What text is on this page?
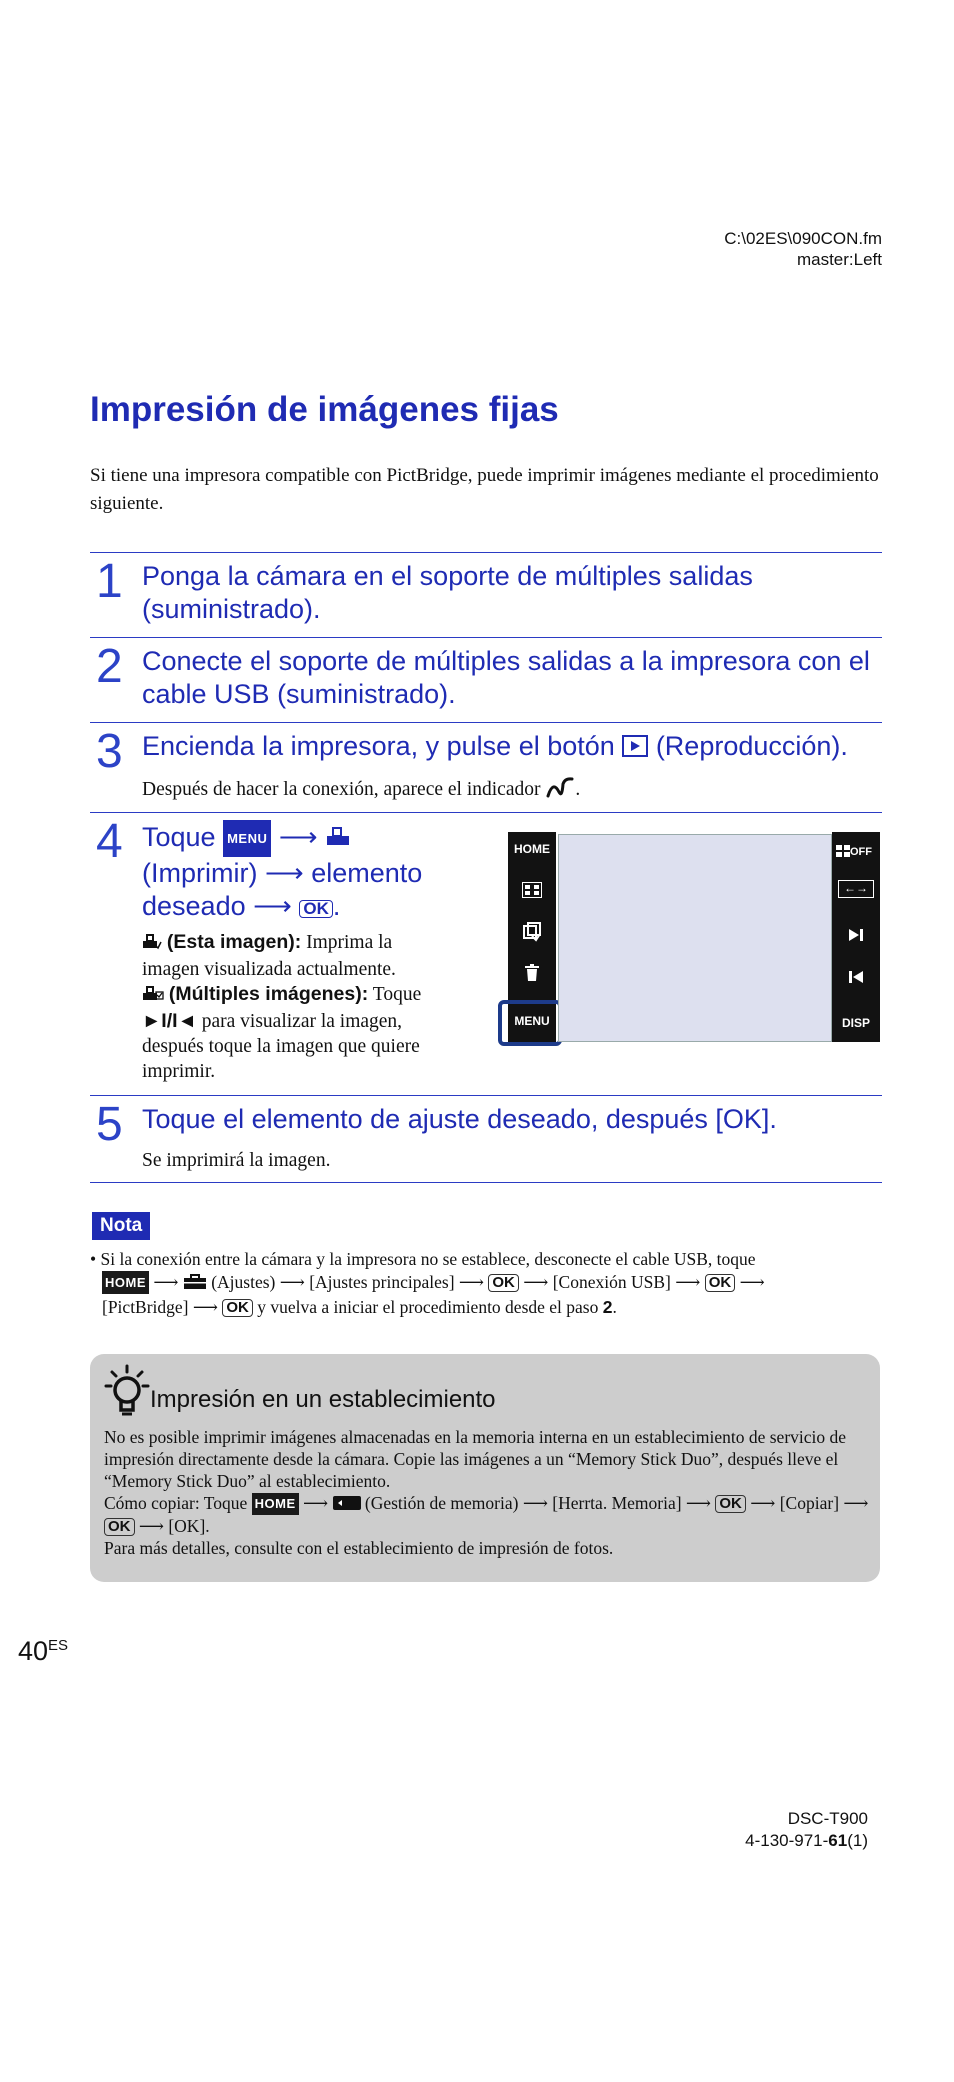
C:\02ES\090CON.fm
master:Left
Impresión de imágenes fijas
Si tiene una impresora compatible con PictBridge, puede imprimir imágenes mediante el procedimiento siguiente.
1 Ponga la cámara en el soporte de múltiples salidas
(suministrado).
2 Conecte el soporte de múltiples salidas a la impresora con el
cable USB (suministrado).
3 Encienda la impresora, y pulse el botón (Reproducción).
Después de hacer la conexión, aparece el indicador .
4 Toque MENU ⟶
(Imprimir) ⟶ elemento
deseado ⟶ OK .
(Esta imagen): Imprima la
imagen visualizada actualmente.
(Múltiples imágenes): Toque
►I/I◄ para visualizar la imagen,
después toque la imagen que quiere
imprimir.
HOME
MENU
OFF
←→
DISP
5 Toque el elemento de ajuste deseado, después [OK].
Se imprimirá la imagen.
Nota
• Si la conexión entre la cámara y la impresora no se establece, desconecte el cable USB, toque
HOME ⟶ (Ajustes) ⟶ [Ajustes principales] ⟶ OK ⟶ [Conexión USB] ⟶ OK ⟶
[PictBridge] ⟶ OK y vuelva a iniciar el procedimiento desde el paso 2.
Impresión en un establecimiento
No es posible imprimir imágenes almacenadas en la memoria interna en un establecimiento de servicio de impresión directamente desde la cámara. Copie las imágenes a un “Memory Stick Duo”, después lleve el “Memory Stick Duo” al establecimiento.
Cómo copiar: Toque HOME ⟶ (Gestión de memoria) ⟶ [Herrta. Memoria] ⟶ OK ⟶ [Copiar] ⟶ OK ⟶ [OK].
Para más detalles, consulte con el establecimiento de impresión de fotos.
$40^{ES}$
DSC-T900
4-130-971-61(1)
